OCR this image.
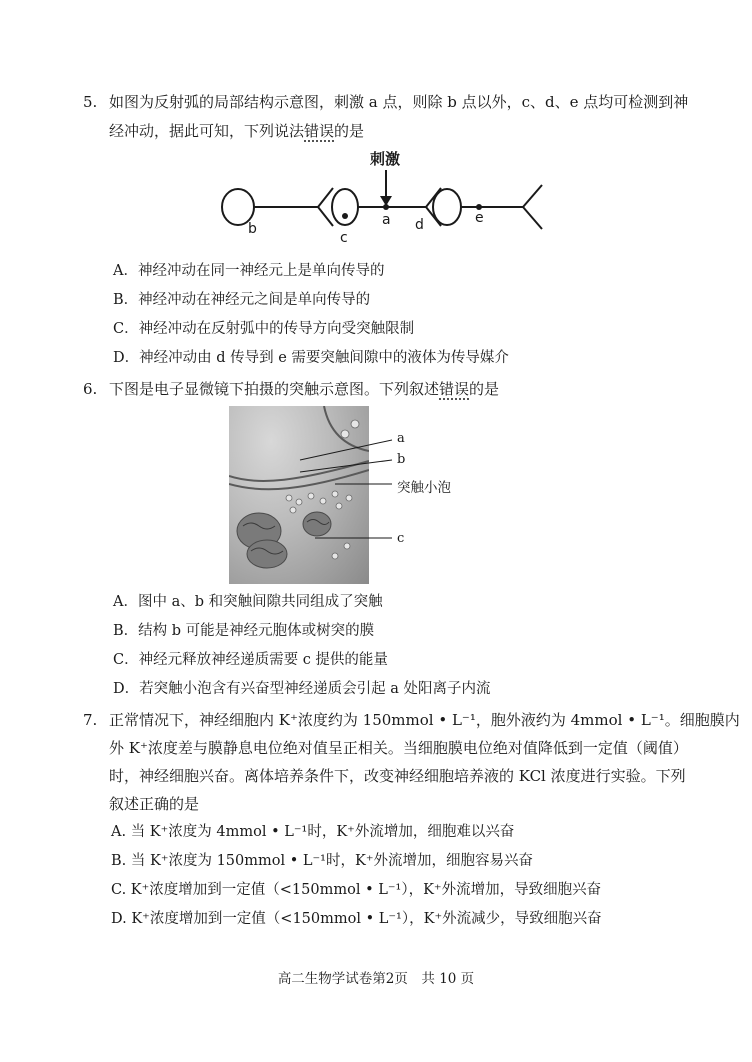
5. 如图为反射弧的局部结构示意图，刺激 a 点，则除 b 点以外，c、d、e 点均可检测到神
经冲动，据此可知，下列说法错误的是
刺激
b
c
a d	e
A．神经冲动在同一神经元上是单向传导的
B．神经冲动在神经元之间是单向传导的
C．神经冲动在反射弧中的传导方向受突触限制
D．神经冲动由 d 传导到 e 需要突触间隙中的液体为传导媒介
6. 下图是电子显微镜下拍摄的突触示意图。下列叙述错误的是
a
b
突触小泡
c
A．图中 a、b 和突触间隙共同组成了突触
B．结构 b 可能是神经元胞体或树突的膜
C．神经元释放神经递质需要 c 提供的能量
D．若突触小泡含有兴奋型神经递质会引起 a 处阳离子内流
7. 正常情况下，神经细胞内 K⁺浓度约为 150mmol • L⁻¹，胞外液约为 4mmol • L⁻¹。细胞膜内
外 K⁺浓度差与膜静息电位绝对值呈正相关。当细胞膜电位绝对值降低到一定值（阈值）
时，神经细胞兴奋。离体培养条件下，改变神经细胞培养液的 KCl 浓度进行实验。下列
叙述正确的是
A. 当 K⁺浓度为 4mmol • L⁻¹时，K⁺外流增加，细胞难以兴奋
B. 当 K⁺浓度为 150mmol • L⁻¹时，K⁺外流增加，细胞容易兴奋
C. K⁺浓度增加到一定值（<150mmol • L⁻¹），K⁺外流增加，导致细胞兴奋
D. K⁺浓度增加到一定值（<150mmol • L⁻¹），K⁺外流减少，导致细胞兴奋
高二生物学试卷第2页　共 10 页
